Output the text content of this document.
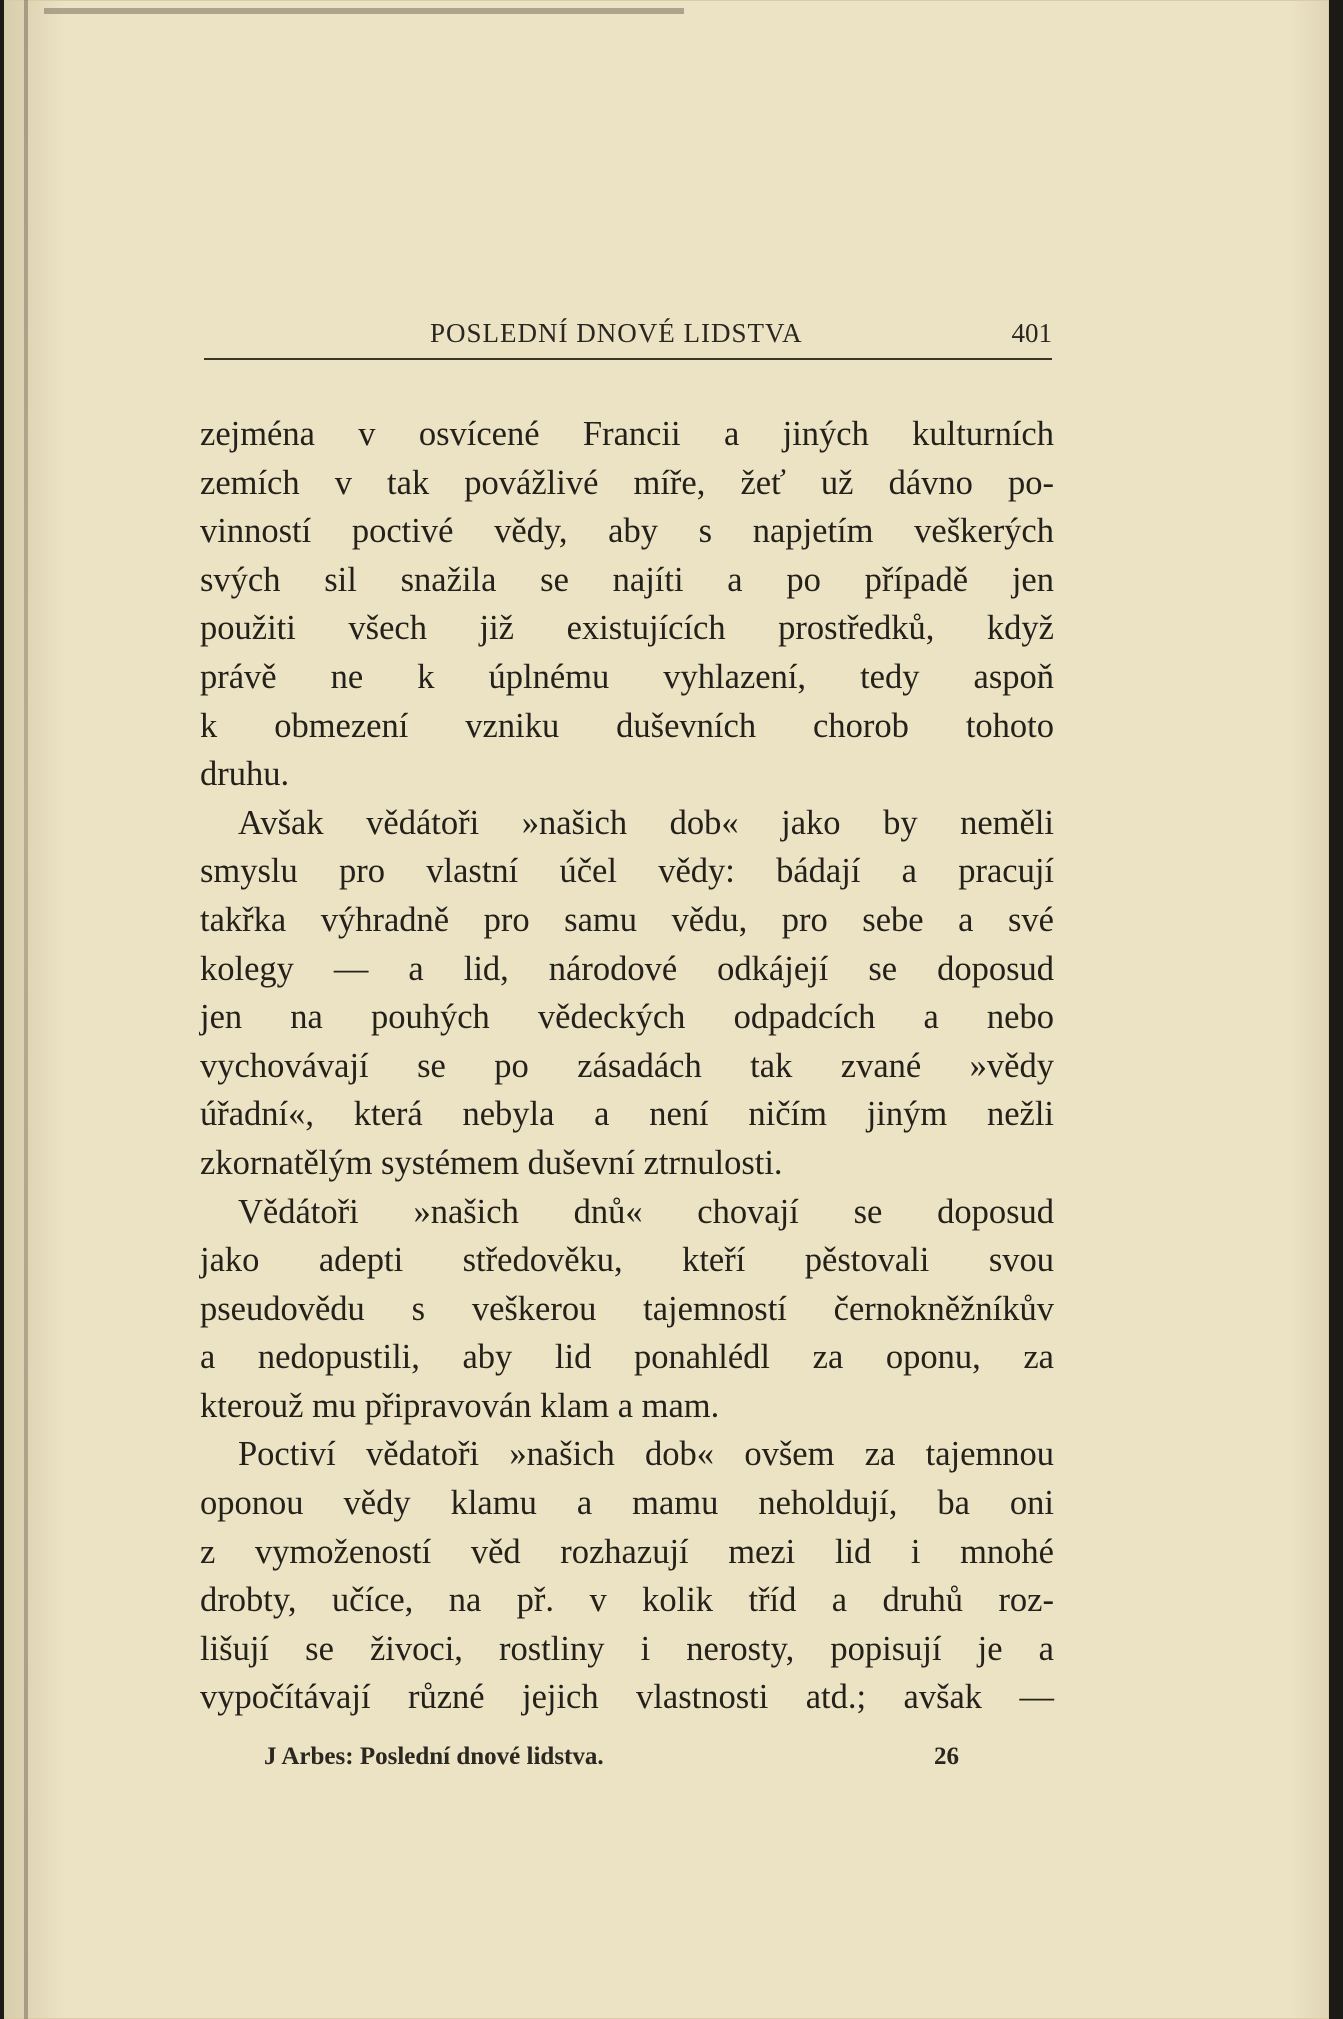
POSLEDNÍ DNOVÉ LIDSTVA	401
zejména v osvícené Francii a jiných kulturních
zemích v tak povážlivé míře, žeť už dávno po-
vinností poctivé vědy, aby s napjetím veškerých
svých sil snažila se najíti a po případě jen
použiti všech již existujících prostředků, když
právě ne k úplnému vyhlazení, tedy aspoň
k obmezení vzniku duševních chorob tohoto
druhu.
Avšak vědátoři »našich dob« jako by neměli
smyslu pro vlastní účel vědy: bádají a pracují
takřka výhradně pro samu vědu, pro sebe a své
kolegy — a lid, národové odkájejí se doposud
jen na pouhých vědeckých odpadcích a nebo
vychovávají se po zásadách tak zvané »vědy
úřadní«, která nebyla a není ničím jiným nežli
zkornatělým systémem duševní ztrnulosti.
Vědátoři »našich dnů« chovají se doposud
jako adepti středověku, kteří pěstovali svou
pseudovědu s veškerou tajemností černokněžníkův
a nedopustili, aby lid ponahlédl za oponu, za
kterouž mu připravován klam a mam.
Poctiví vědatoři »našich dob« ovšem za tajemnou
oponou vědy klamu a mamu neholdují, ba oni
z vymožeností věd rozhazují mezi lid i mnohé
drobty, učíce, na př. v kolik tříd a druhů roz-
lišují se živoci, rostliny i nerosty, popisují je a
vypočítávají různé jejich vlastnosti atd.; avšak —
J Arbes: Poslední dnové lidstva.	26
